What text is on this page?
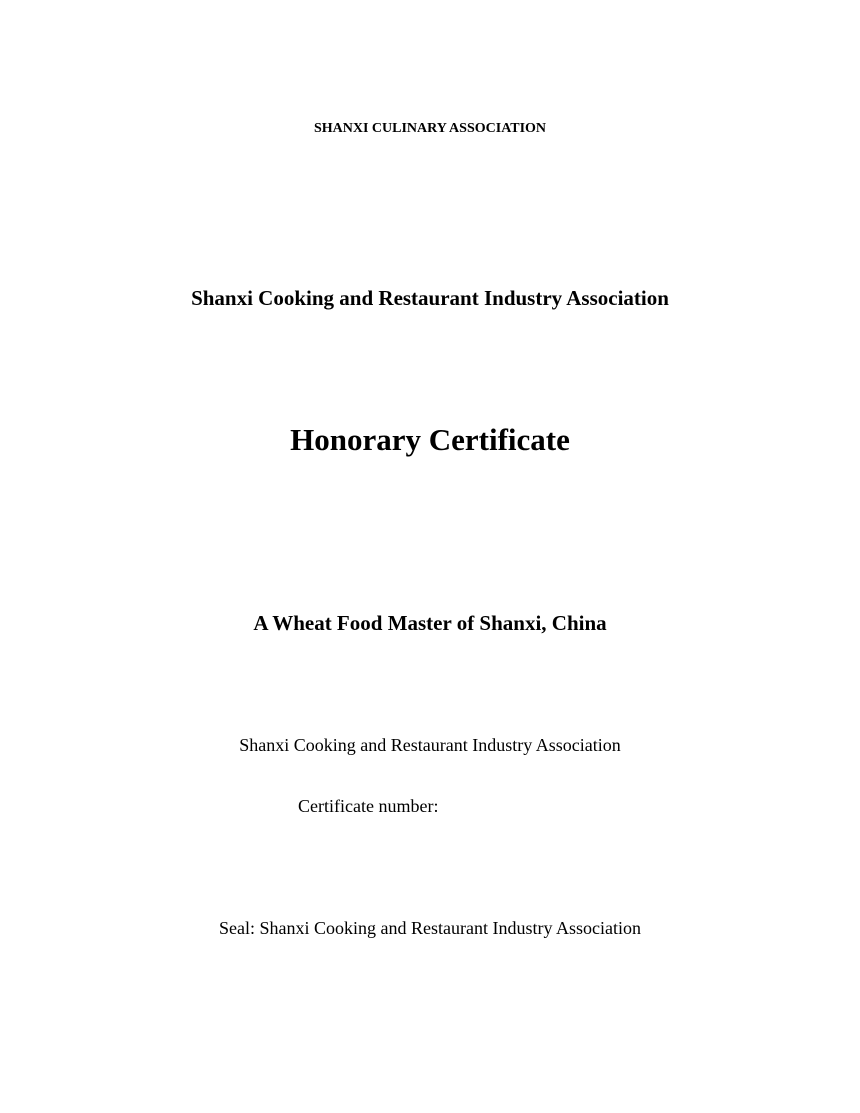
SHANXI CULINARY ASSOCIATION
Shanxi Cooking and Restaurant Industry Association
Honorary Certificate
A Wheat Food Master of Shanxi, China
Shanxi Cooking and Restaurant Industry Association
Certificate number:
Seal: Shanxi Cooking and Restaurant Industry Association
